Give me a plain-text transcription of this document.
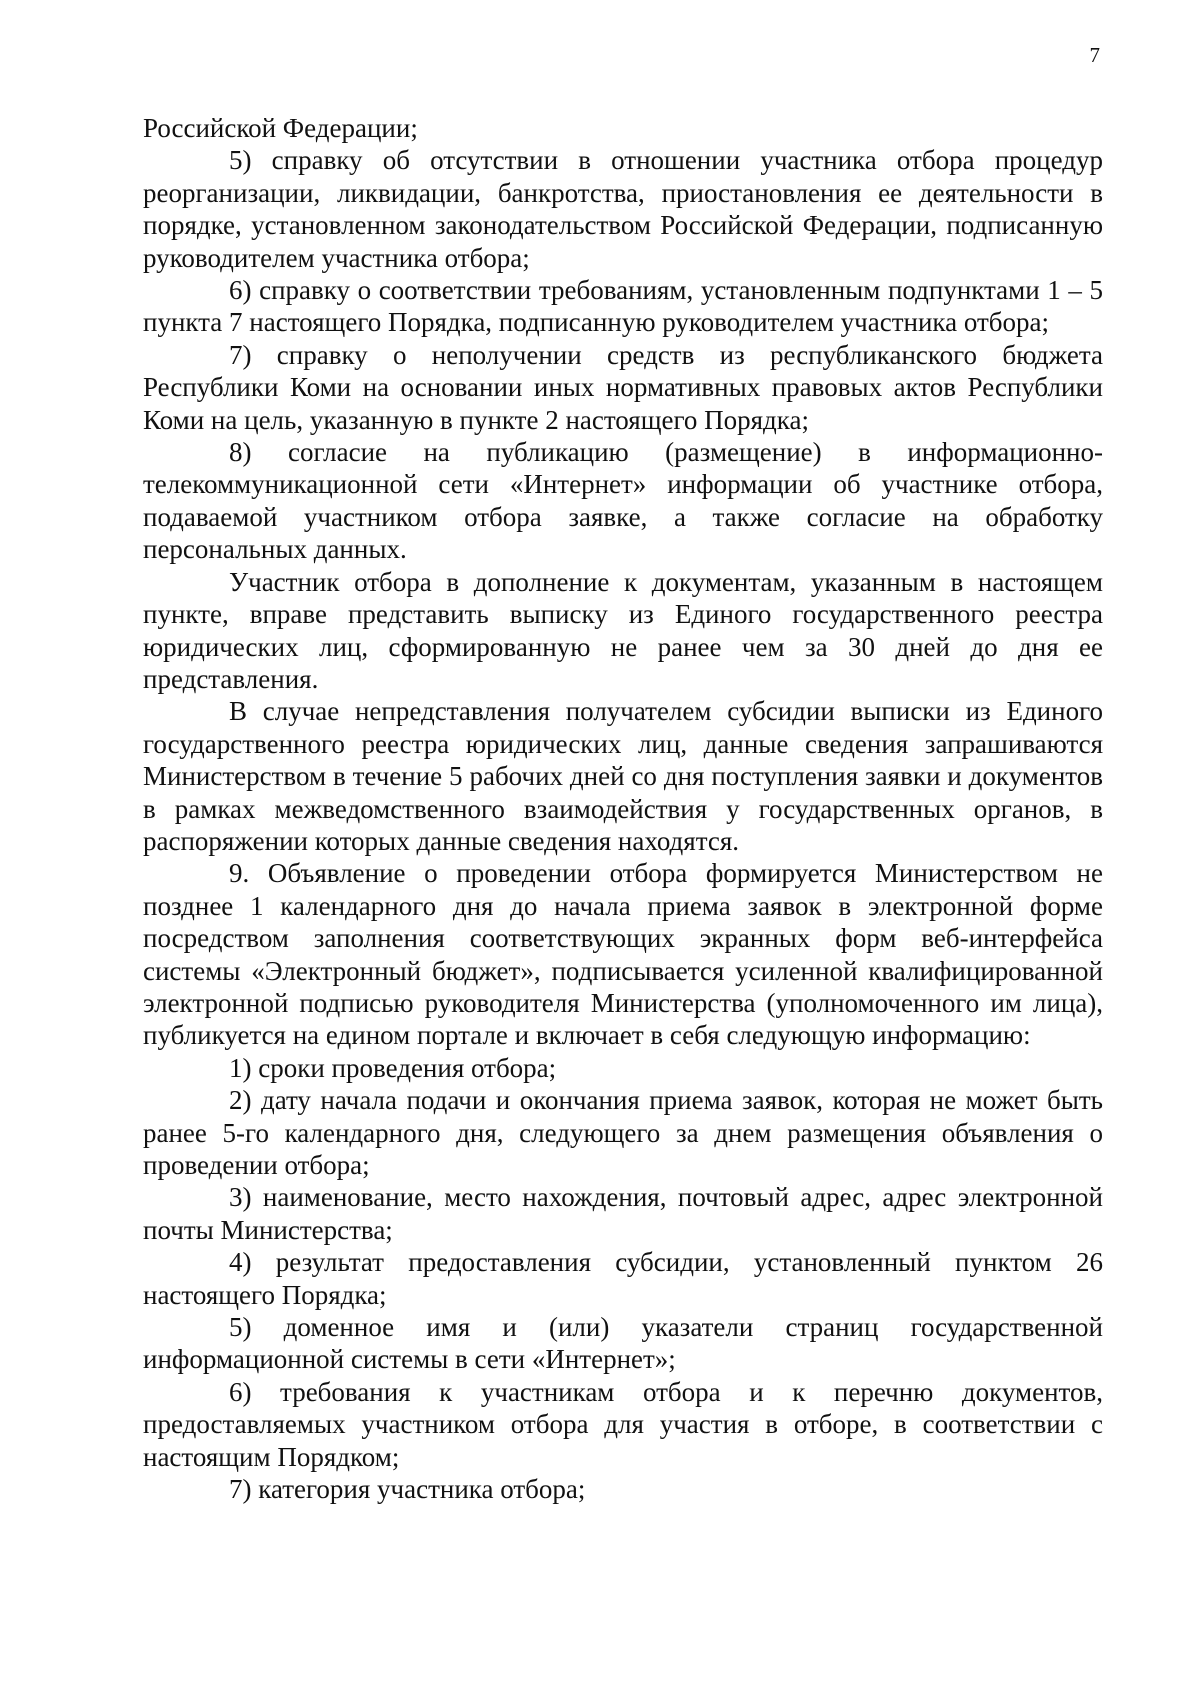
7

Российской Федерации;

5) справку об отсутствии в отношении участника отбора процедур реорганизации, ликвидации, банкротства, приостановления ее деятельности в порядке, установленном законодательством Российской Федерации, подписанную руководителем участника отбора;

6) справку о соответствии требованиям, установленным подпунктами 1 – 5 пункта 7 настоящего Порядка, подписанную руководителем участника отбора;

7) справку о неполучении средств из республиканского бюджета Республики Коми на основании иных нормативных правовых актов Республики Коми на цель, указанную в пункте 2 настоящего Порядка;

8) согласие на публикацию (размещение) в информационно-телекоммуникационной сети «Интернет» информации об участнике отбора, подаваемой участником отбора заявке, а также согласие на обработку персональных данных.

Участник отбора в дополнение к документам, указанным в настоящем пункте, вправе представить выписку из Единого государственного реестра юридических лиц, сформированную не ранее чем за 30 дней до дня ее представления.

В случае непредставления получателем субсидии выписки из Единого государственного реестра юридических лиц, данные сведения запрашиваются Министерством в течение 5 рабочих дней со дня поступления заявки и документов в рамках межведомственного взаимодействия у государственных органов, в распоряжении которых данные сведения находятся.

9. Объявление о проведении отбора формируется Министерством не позднее 1 календарного дня до начала приема заявок в электронной форме посредством заполнения соответствующих экранных форм веб-интерфейса системы «Электронный бюджет», подписывается усиленной квалифицированной электронной подписью руководителя Министерства (уполномоченного им лица), публикуется на едином портале и включает в себя следующую информацию:

1) сроки проведения отбора;

2) дату начала подачи и окончания приема заявок, которая не может быть ранее 5-го календарного дня, следующего за днем размещения объявления о проведении отбора;

3) наименование, место нахождения, почтовый адрес, адрес электронной почты Министерства;

4) результат предоставления субсидии, установленный пунктом 26 настоящего Порядка;

5) доменное имя и (или) указатели страниц государственной информационной системы в сети «Интернет»;

6) требования к участникам отбора и к перечню документов, предоставляемых участником отбора для участия в отборе, в соответствии с настоящим Порядком;

7) категория участника отбора;
